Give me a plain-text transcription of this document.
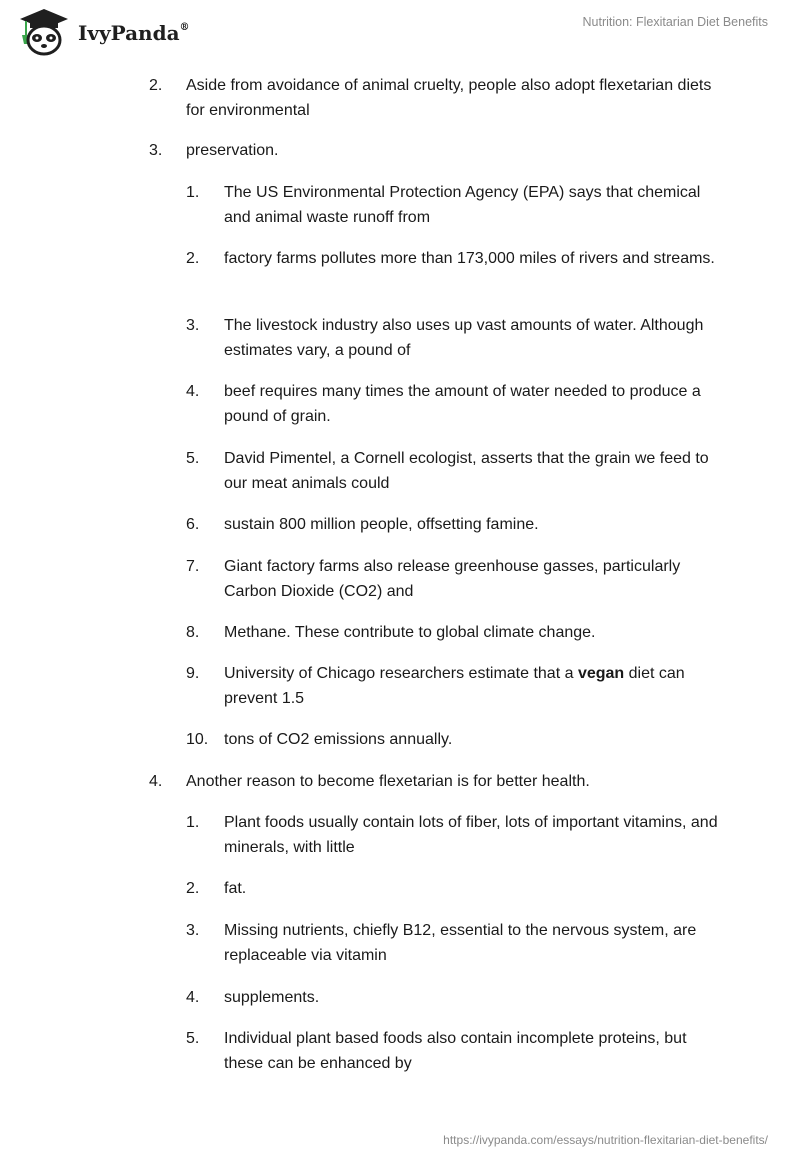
IvyPanda®	Nutrition: Flexitarian Diet Benefits
2. Aside from avoidance of animal cruelty, people also adopt flexetarian diets for environmental
3. preservation.
1. The US Environmental Protection Agency (EPA) says that chemical and animal waste runoff from
2. factory farms pollutes more than 173,000 miles of rivers and streams.
3. The livestock industry also uses up vast amounts of water. Although estimates vary, a pound of
4. beef requires many times the amount of water needed to produce a pound of grain.
5. David Pimentel, a Cornell ecologist, asserts that the grain we feed to our meat animals could
6. sustain 800 million people, offsetting famine.
7. Giant factory farms also release greenhouse gasses, particularly Carbon Dioxide (CO2) and
8. Methane. These contribute to global climate change.
9. University of Chicago researchers estimate that a vegan diet can prevent 1.5
10. tons of CO2 emissions annually.
4. Another reason to become flexetarian is for better health.
1. Plant foods usually contain lots of fiber, lots of important vitamins, and minerals, with little
2. fat.
3. Missing nutrients, chiefly B12, essential to the nervous system, are replaceable via vitamin
4. supplements.
5. Individual plant based foods also contain incomplete proteins, but these can be enhanced by
https://ivypanda.com/essays/nutrition-flexitarian-diet-benefits/
